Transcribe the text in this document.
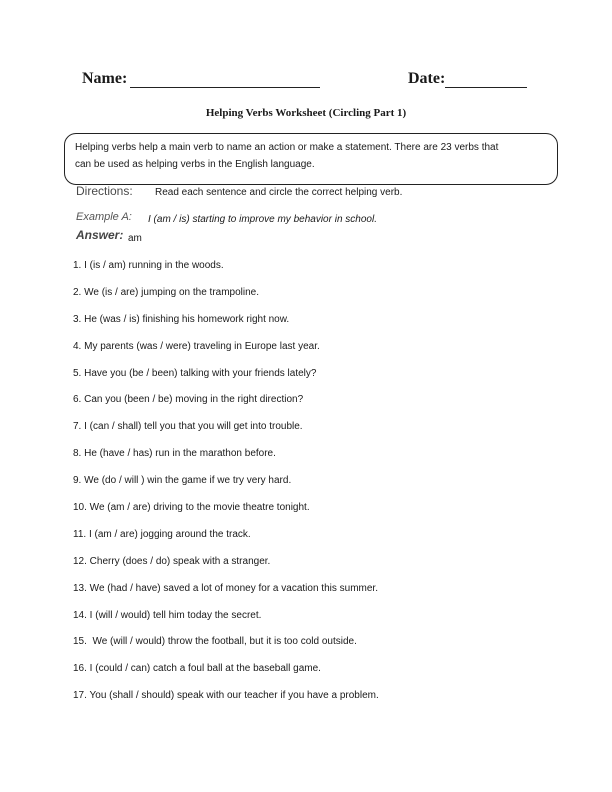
Name:	Date:
Helping Verbs Worksheet (Circling Part 1)
Helping verbs help a main verb to name an action or make a statement. There are 23 verbs that
can be used as helping verbs in the English language.
Directions: Read each sentence and circle the correct helping verb.
Example A: I (am / is) starting to improve my behavior in school.
Answer: am
1. I (is / am) running in the woods.
2. We (is / are) jumping on the trampoline.
3. He (was / is) finishing his homework right now.
4. My parents (was / were) traveling in Europe last year.
5. Have you (be / been) talking with your friends lately?
6. Can you (been / be) moving in the right direction?
7. I (can / shall) tell you that you will get into trouble.
8. He (have / has) run in the marathon before.
9. We (do / will ) win the game if we try very hard.
10. We (am / are) driving to the movie theatre tonight.
11. I (am / are) jogging around the track.
12. Cherry (does / do) speak with a stranger.
13. We (had / have) saved a lot of money for a vacation this summer.
14. I (will / would) tell him today the secret.
15.  We (will / would) throw the football, but it is too cold outside.
16. I (could / can) catch a foul ball at the baseball game.
17. You (shall / should) speak with our teacher if you have a problem.
